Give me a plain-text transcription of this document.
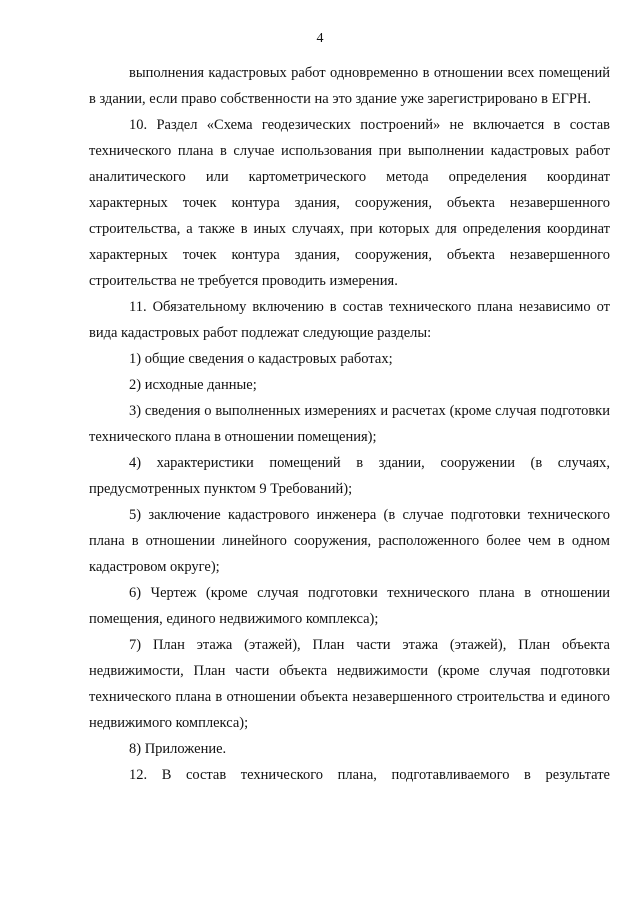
4

выполнения кадастровых работ одновременно в отношении всех помещений в здании, если право собственности на это здание уже зарегистрировано в ЕГРН.

10. Раздел «Схема геодезических построений» не включается в состав технического плана в случае использования при выполнении кадастровых работ аналитического или картометрического метода определения координат характерных точек контура здания, сооружения, объекта незавершенного строительства, а также в иных случаях, при которых для определения координат характерных точек контура здания, сооружения, объекта незавершенного строительства не требуется проводить измерения.

11. Обязательному включению в состав технического плана независимо от вида кадастровых работ подлежат следующие разделы:

1) общие сведения о кадастровых работах;

2) исходные данные;

3) сведения о выполненных измерениях и расчетах (кроме случая подготовки технического плана в отношении помещения);

4) характеристики помещений в здании, сооружении (в случаях, предусмотренных пунктом 9 Требований);

5) заключение кадастрового инженера (в случае подготовки технического плана в отношении линейного сооружения, расположенного более чем в одном кадастровом округе);

6) Чертеж (кроме случая подготовки технического плана в отношении помещения, единого недвижимого комплекса);

7) План этажа (этажей), План части этажа (этажей), План объекта недвижимости, План части объекта недвижимости (кроме случая подготовки технического плана в отношении объекта незавершенного строительства и единого недвижимого комплекса);

8) Приложение.

12. В состав технического плана, подготавливаемого в результате
